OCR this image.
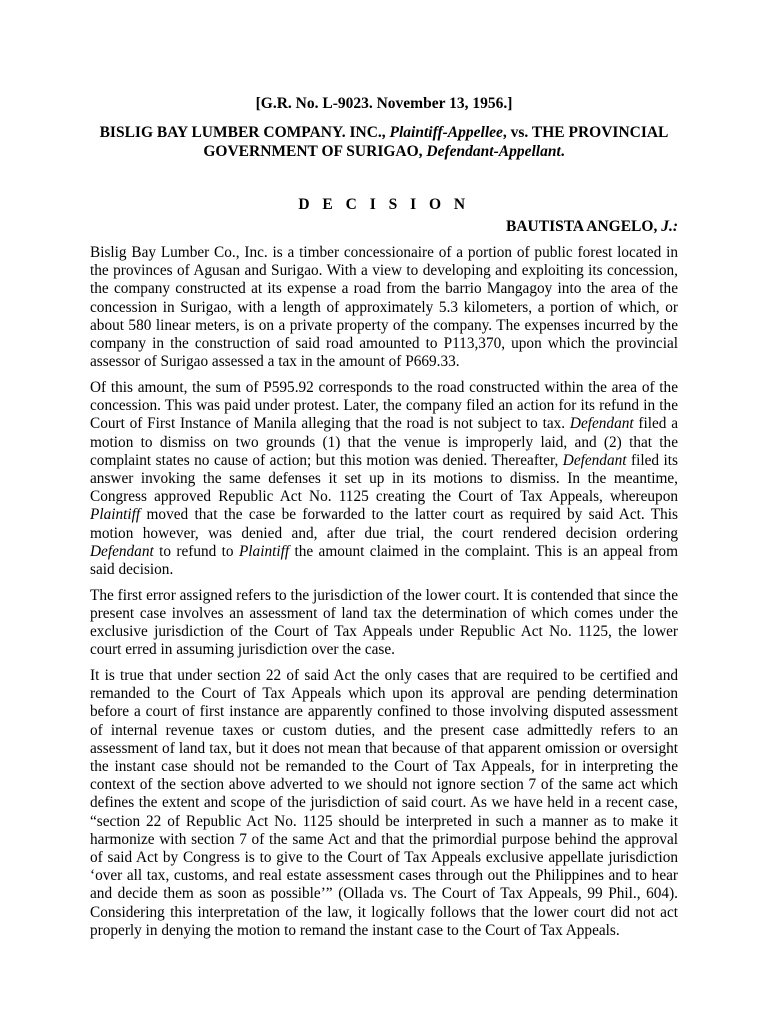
[G.R. No. L-9023. November 13, 1956.]

BISLIG BAY LUMBER COMPANY. INC., Plaintiff-Appellee, vs. THE PROVINCIAL GOVERNMENT OF SURIGAO, Defendant-Appellant.

D E C I S I O N

BAUTISTA ANGELO, J.:

Bislig Bay Lumber Co., Inc. is a timber concessionaire of a portion of public forest located in the provinces of Agusan and Surigao. With a view to developing and exploiting its concession, the company constructed at its expense a road from the barrio Mangagoy into the area of the concession in Surigao, with a length of approximately 5.3 kilometers, a portion of which, or about 580 linear meters, is on a private property of the company. The expenses incurred by the company in the construction of said road amounted to P113,370, upon which the provincial assessor of Surigao assessed a tax in the amount of P669.33.

Of this amount, the sum of P595.92 corresponds to the road constructed within the area of the concession. This was paid under protest. Later, the company filed an action for its refund in the Court of First Instance of Manila alleging that the road is not subject to tax. Defendant filed a motion to dismiss on two grounds (1) that the venue is improperly laid, and (2) that the complaint states no cause of action; but this motion was denied. Thereafter, Defendant filed its answer invoking the same defenses it set up in its motions to dismiss. In the meantime, Congress approved Republic Act No. 1125 creating the Court of Tax Appeals, whereupon Plaintiff moved that the case be forwarded to the latter court as required by said Act. This motion however, was denied and, after due trial, the court rendered decision ordering Defendant to refund to Plaintiff the amount claimed in the complaint. This is an appeal from said decision.

The first error assigned refers to the jurisdiction of the lower court. It is contended that since the present case involves an assessment of land tax the determination of which comes under the exclusive jurisdiction of the Court of Tax Appeals under Republic Act No. 1125, the lower court erred in assuming jurisdiction over the case.

It is true that under section 22 of said Act the only cases that are required to be certified and remanded to the Court of Tax Appeals which upon its approval are pending determination before a court of first instance are apparently confined to those involving disputed assessment of internal revenue taxes or custom duties, and the present case admittedly refers to an assessment of land tax, but it does not mean that because of that apparent omission or oversight the instant case should not be remanded to the Court of Tax Appeals, for in interpreting the context of the section above adverted to we should not ignore section 7 of the same act which defines the extent and scope of the jurisdiction of said court. As we have held in a recent case, “section 22 of Republic Act No. 1125 should be interpreted in such a manner as to make it harmonize with section 7 of the same Act and that the primordial purpose behind the approval of said Act by Congress is to give to the Court of Tax Appeals exclusive appellate jurisdiction ‘over all tax, customs, and real estate assessment cases through out the Philippines and to hear and decide them as soon as possible’” (Ollada vs. The Court of Tax Appeals, 99 Phil., 604). Considering this interpretation of the law, it logically follows that the lower court did not act properly in denying the motion to remand the instant case to the Court of Tax Appeals.
